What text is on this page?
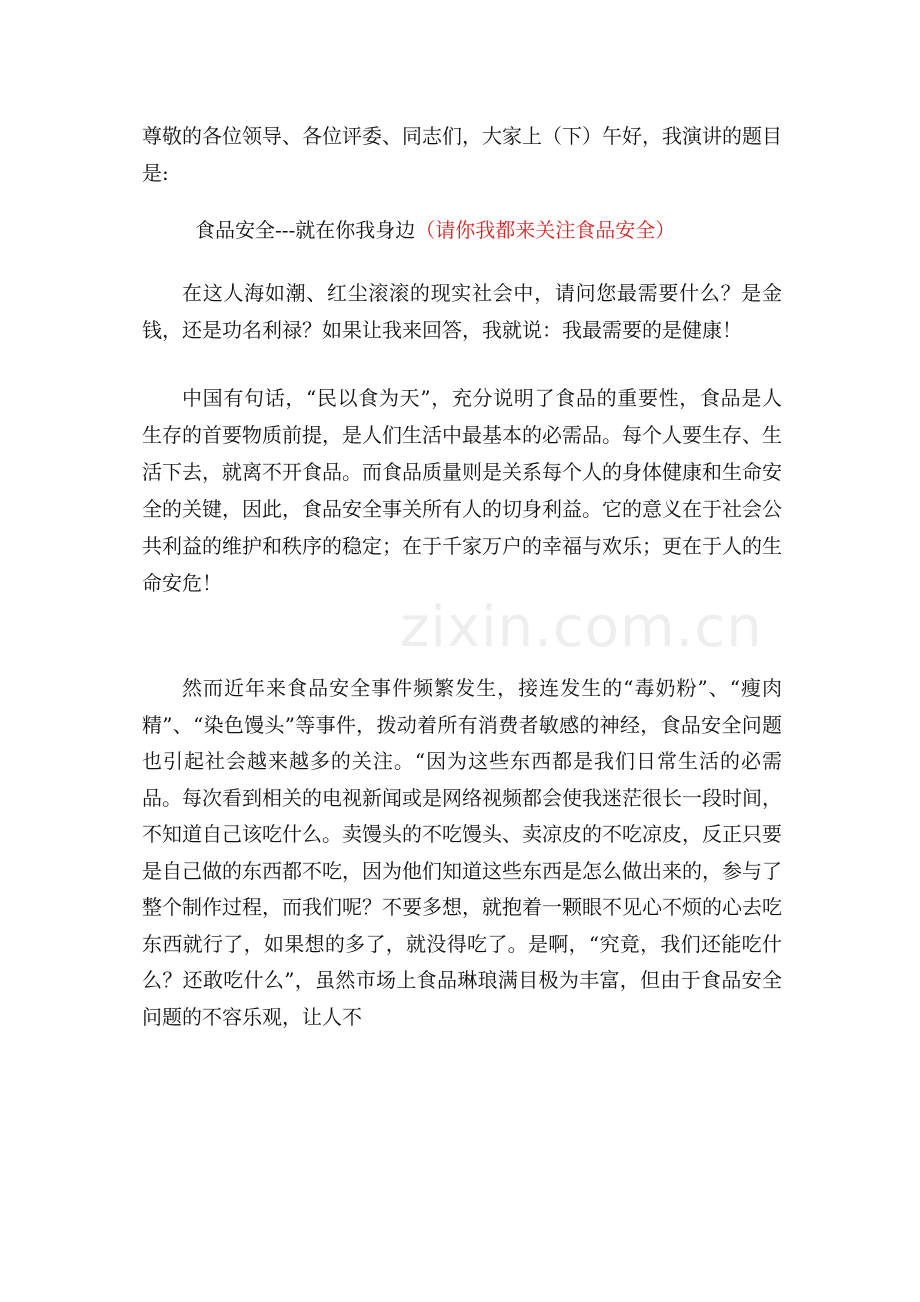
尊敬的各位领导、各位评委、同志们，大家上（下）午好，我演讲的题目是:

食品安全---就在你我身边（请你我都来关注食品安全）

在这人海如潮、红尘滚滚的现实社会中，请问您最需要什么？是金钱，还是功名利禄？如果让我来回答，我就说：我最需要的是健康！

中国有句话，“民以食为天”，充分说明了食品的重要性，食品是人生存的首要物质前提，是人们生活中最基本的必需品。每个人要生存、生活下去，就离不开食品。而食品质量则是关系每个人的身体健康和生命安全的关键，因此，食品安全事关所有人的切身利益。它的意义在于社会公共利益的维护和秩序的稳定；在于千家万户的幸福与欢乐；更在于人的生命安危！

然而近年来食品安全事件频繁发生，接连发生的“毒奶粉”、“瘦肉精”、“染色馒头”等事件，拨动着所有消费者敏感的神经，食品安全问题也引起社会越来越多的关注。“因为这些东西都是我们日常生活的必需品。每次看到相关的电视新闻或是网络视频都会使我迷茫很长一段时间，不知道自己该吃什么。卖馒头的不吃馒头、卖凉皮的不吃凉皮，反正只要是自己做的东西都不吃，因为他们知道这些东西是怎么做出来的，参与了整个制作过程，而我们呢？不要多想，就抱着一颗眼不见心不烦的心去吃东西就行了，如果想的多了，就没得吃了。是啊，“究竟，我们还能吃什么？还敢吃什么”，虽然市场上食品琳琅满目极为丰富，但由于食品安全问题的不容乐观，让人不

zixin.com.cn
